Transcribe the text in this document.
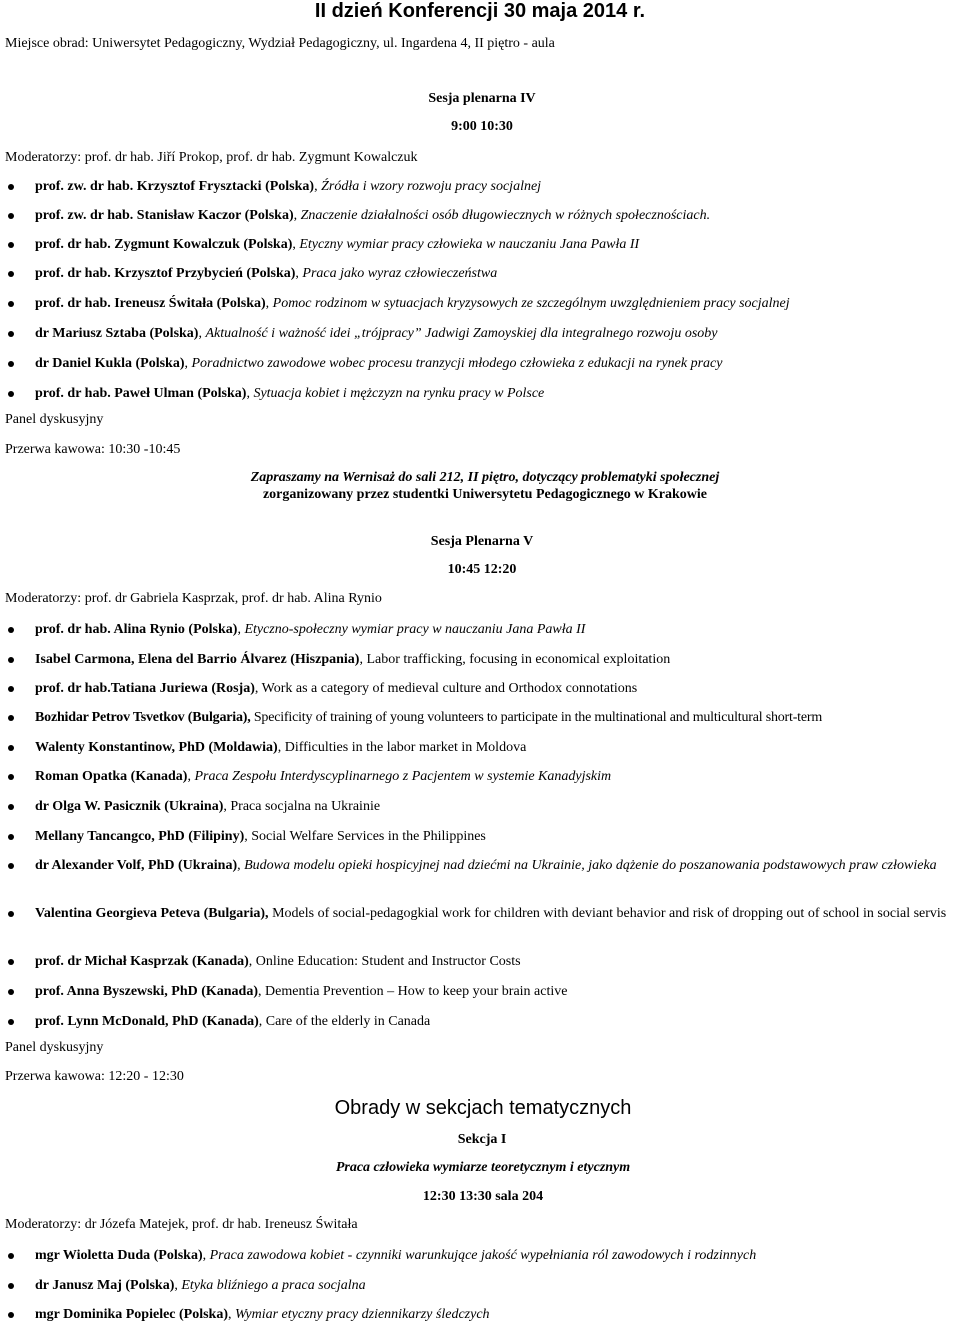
II dzień Konferencji 30 maja 2014 r.
Miejsce obrad: Uniwersytet Pedagogiczny, Wydział Pedagogiczny, ul. Ingardena 4, II piętro - aula
Sesja plenarna IV
9:00 10:30
Moderatorzy: prof. dr hab. Jiří Prokop, prof. dr hab. Zygmunt Kowalczuk
prof. zw. dr hab. Krzysztof Frysztacki (Polska), Źródła i wzory rozwoju pracy socjalnej
prof. zw. dr hab. Stanisław Kaczor (Polska), Znaczenie działalności osób długowiecznych w różnych społecznościach.
prof. dr hab. Zygmunt Kowalczuk (Polska), Etyczny wymiar pracy człowieka w nauczaniu Jana Pawła II
prof. dr hab. Krzysztof Przybycień (Polska), Praca jako wyraz człowieczeństwa
prof. dr hab. Ireneusz Świtała (Polska), Pomoc rodzinom w sytuacjach kryzysowych ze szczególnym uwzględnieniem pracy socjalnej
dr Mariusz Sztaba (Polska), Aktualność i ważność idei „trójpracy” Jadwigi Zamoyskiej dla integralnego rozwoju osoby
dr Daniel Kukla (Polska), Poradnictwo zawodowe wobec procesu tranzycji młodego człowieka z edukacji na rynek pracy
prof. dr hab. Paweł Ulman (Polska), Sytuacja kobiet i mężczyzn na rynku pracy w Polsce
Panel dyskusyjny
Przerwa kawowa: 10:30 -10:45
Zapraszamy na Wernisaż do sali 212, II piętro, dotyczący problematyki społecznej
zorganizowany przez studentki Uniwersytetu Pedagogicznego w Krakowie
Sesja Plenarna V
10:45 12:20
Moderatorzy: prof. dr Gabriela Kasprzak, prof. dr hab. Alina Rynio
prof. dr hab. Alina Rynio (Polska), Etyczno-społeczny wymiar pracy w nauczaniu Jana Pawła II
Isabel Carmona, Elena del Barrio Álvarez (Hiszpania), Labor trafficking, focusing in economical exploitation
prof. dr hab.Tatiana Juriewa (Rosja), Work as a category of medieval culture and Orthodox connotations
Bozhidar Petrov Tsvetkov (Bulgaria), Specificity of training of young volunteers to participate in the multinational and multicultural short-term
Walenty Konstantinow, PhD (Moldawia), Difficulties in the labor market in Moldova
Roman Opatka (Kanada), Praca Zespołu Interdyscyplinarnego z Pacjentem w systemie Kanadyjskim
dr Olga W. Pasicznik (Ukraina), Praca socjalna na Ukrainie
Mellany Tancangco, PhD (Filipiny), Social Welfare Services in the Philippines
dr Alexander Volf, PhD (Ukraina), Budowa modelu opieki hospicyjnej nad dziećmi na Ukrainie, jako dążenie do poszanowania podstawowych praw człowieka
Valentina Georgieva Peteva (Bulgaria), Models of social-pedagogkial work for children with deviant behavior and risk of dropping out of school in social servis
prof. dr Michał Kasprzak (Kanada), Online Education: Student and Instructor Costs
prof. Anna Byszewski, PhD (Kanada), Dementia Prevention – How to keep your brain active
prof. Lynn McDonald, PhD (Kanada), Care of the elderly in Canada
Panel dyskusyjny
Przerwa kawowa: 12:20 - 12:30
Obrady w sekcjach tematycznych
Sekcja I
Praca człowieka wymiarze teoretycznym i etycznym
12:30 13:30 sala 204
Moderatorzy: dr Józefa Matejek, prof. dr hab. Ireneusz Świtała
mgr Wioletta Duda (Polska), Praca zawodowa kobiet - czynniki warunkujące jakość wypełniania ról zawodowych i rodzinnych
dr Janusz Maj (Polska), Etyka bliźniego a praca socjalna
mgr Dominika Popielec (Polska), Wymiar etyczny pracy dziennikarzy śledczych
